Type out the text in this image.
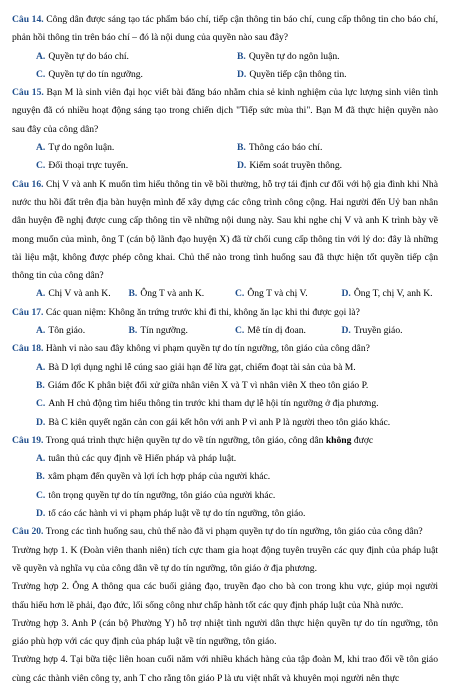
Câu 14. Công dân được sáng tạo tác phẩm báo chí, tiếp cận thông tin báo chí, cung cấp thông tin cho báo chí, phản hồi thông tin trên báo chí – đó là nội dung của quyền nào sau đây?

A. Quyền tự do báo chí.	B. Quyền tự do ngôn luận.
C. Quyền tự do tín ngưỡng.	D. Quyền tiếp cận thông tin.

Câu 15. Bạn M là sinh viên đại học viết bài đăng báo nhằm chia sẻ kinh nghiệm của lực lượng sinh viên tình nguyện đã có nhiều hoạt động sáng tạo trong chiến dịch "Tiếp sức mùa thi". Bạn M đã thực hiện quyền nào sau đây của công dân?

A. Tự do ngôn luận.	B. Thông cáo báo chí.
C. Đối thoại trực tuyến.	D. Kiểm soát truyền thông.

Câu 16. Chị V và anh K muốn tìm hiểu thông tin về bồi thường, hỗ trợ tái định cư đối với hộ gia đình khi Nhà nước thu hồi đất trên địa bàn huyện mình để xây dựng các công trình công cộng. Hai người đến Uỷ ban nhân dân huyện đề nghị được cung cấp thông tin về những nội dung này. Sau khi nghe chị V và anh K trình bày về mong muốn của mình, ông T (cán bộ lãnh đạo huyện X) đã từ chối cung cấp thông tin với lý do: đây là những tài liệu mật, không được phép công khai. Chủ thể nào trong tình huống sau đã thực hiện tốt quyền tiếp cận thông tin của công dân?

A. Chị V và anh K.	B. Ông T và anh K.	C. Ông T và chị V.	D. Ông T, chị V, anh K.

Câu 17. Các quan niệm: Không ăn trứng trước khi đi thi, không ăn lạc khi thi được gọi là?

A. Tôn giáo.	B. Tín ngưỡng.	C. Mê tín dị đoan.	D. Truyền giáo.

Câu 18. Hành vi nào sau đây không vi phạm quyền tự do tín ngưỡng, tôn giáo của công dân?

A. Bà D lợi dụng nghi lễ cúng sao giải hạn để lừa gạt, chiếm đoạt tài sản của bà M.

B. Giám đốc K phân biệt đối xử giữa nhân viên X và T vì nhân viên X theo tôn giáo P.

C. Anh H chủ động tìm hiểu thông tin trước khi tham dự lễ hội tín ngưỡng ở địa phương.

D. Bà C kiên quyết ngăn cản con gái kết hôn với anh P vì anh P là người theo tôn giáo khác.

Câu 19. Trong quá trình thực hiện quyền tự do về tín ngưỡng, tôn giáo, công dân không được

A. tuân thủ các quy định về Hiến pháp và pháp luật.

B. xâm phạm đến quyền và lợi ích hợp pháp của người khác.

C. tôn trọng quyền tự do tín ngưỡng, tôn giáo của người khác.

D. tố cáo các hành vi vi phạm pháp luật về tự do tín ngưỡng, tôn giáo.

Câu 20. Trong các tình huống sau, chủ thể nào đã vi phạm quyền tự do tín ngưỡng, tôn giáo của công dân?

Trường hợp 1. K (Đoàn viên thanh niên) tích cực tham gia hoạt động tuyên truyền các quy định của pháp luật về quyền và nghĩa vụ của công dân về tự do tín ngưỡng, tôn giáo ở địa phương.

Trường hợp 2. Ông A thông qua các buổi giảng đạo, truyền đạo cho bà con trong khu vực, giúp mọi người thấu hiểu hơn lẽ phải, đạo đức, lối sống công như chấp hành tốt các quy định pháp luật của Nhà nước.

Trường hợp 3. Anh P (cán bộ Phường Y) hỗ trợ nhiệt tình người dân thực hiện quyền tự do tín ngưỡng, tôn giáo phù hợp với các quy định của pháp luật về tín ngưỡng, tôn giáo.

Trường hợp 4. Tại bữa tiệc liên hoan cuối năm với nhiều khách hàng của tập đoàn M, khi trao đổi về tôn giáo cùng các thành viên công ty, anh T cho rằng tôn giáo P là ưu việt nhất và khuyên mọi người nên thực
